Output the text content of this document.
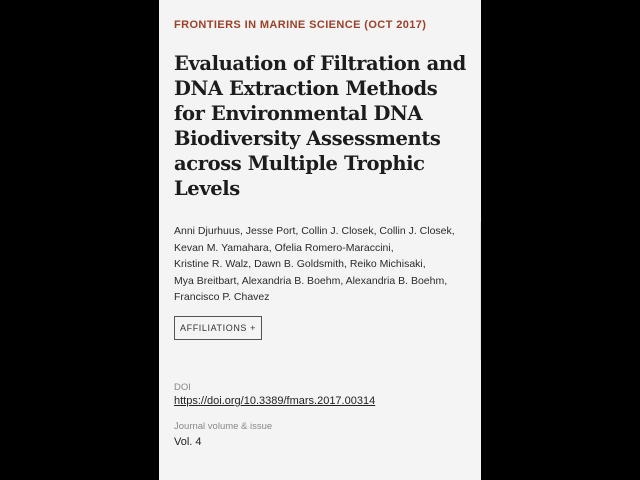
FRONTIERS IN MARINE SCIENCE (OCT 2017)
Evaluation of Filtration and
DNA Extraction Methods
for Environmental DNA
Biodiversity Assessments
across Multiple Trophic
Levels
Anni Djurhuus, Jesse Port, Collin J. Closek, Collin J. Closek,
Kevan M. Yamahara, Ofelia Romero-Maraccini,
Kristine R. Walz, Dawn B. Goldsmith, Reiko Michisaki,
Mya Breitbart, Alexandria B. Boehm, Alexandria B. Boehm,
Francisco P. Chavez
AFFILIATIONS +
DOI
https://doi.org/10.3389/fmars.2017.00314
Journal volume & issue
Vol. 4
